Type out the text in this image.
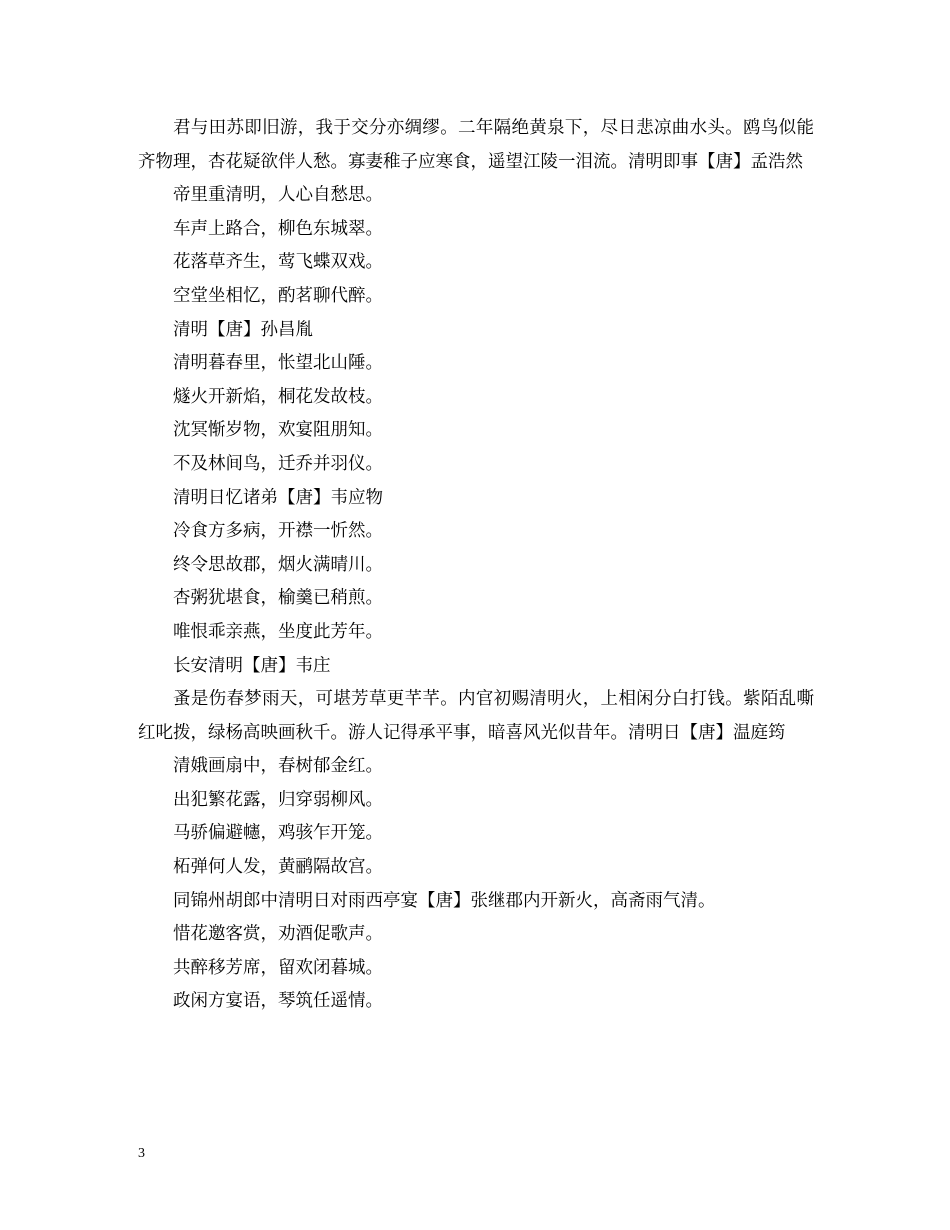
君与田苏即旧游，我于交分亦绸缪。二年隔绝黄泉下，尽日悲凉曲水头。鸥鸟似能齐物理，杏花疑欲伴人愁。寡妻稚子应寒食，遥望江陵一泪流。清明即事【唐】孟浩然

帝里重清明，人心自愁思。

车声上路合，柳色东城翠。

花落草齐生，莺飞蝶双戏。

空堂坐相忆，酌茗聊代醉。

清明【唐】孙昌胤

清明暮春里，怅望北山陲。

燧火开新焰，桐花发故枝。

沈冥惭岁物，欢宴阻朋知。

不及林间鸟，迁乔并羽仪。

清明日忆诸弟【唐】韦应物

冷食方多病，开襟一忻然。

终令思故郡，烟火满晴川。

杏粥犹堪食，榆羹已稍煎。

唯恨乖亲燕，坐度此芳年。

长安清明【唐】韦庄

蚤是伤春梦雨天，可堪芳草更芊芊。内官初赐清明火，上相闲分白打钱。紫陌乱嘶红叱拨，绿杨高映画秋千。游人记得承平事，暗喜风光似昔年。清明日【唐】温庭筠

清娥画扇中，春树郁金红。

出犯繁花露，归穿弱柳风。

马骄偏避幰，鸡骇乍开笼。

柘弹何人发，黄鹂隔故宫。

同锦州胡郎中清明日对雨西亭宴【唐】张继郡内开新火，高斋雨气清。

惜花邀客赏，劝酒促歌声。

共醉移芳席，留欢闭暮城。

政闲方宴语，琴筑任遥情。

3
